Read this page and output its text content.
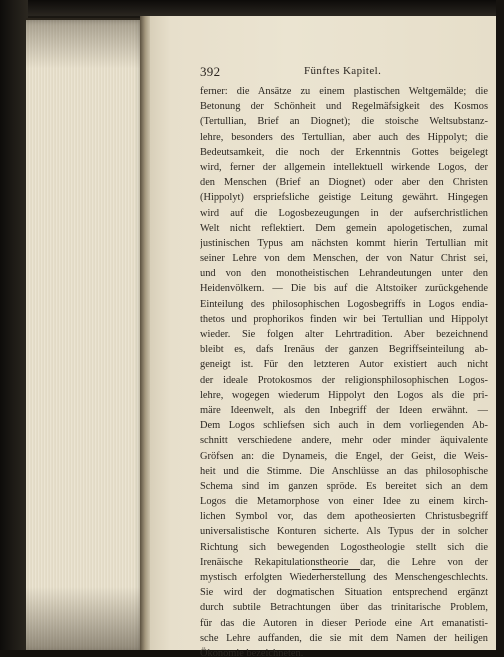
392	Fünftes Kapitel.
ferner: die Ansätze zu einem plastischen Weltgemälde; die
Betonung der Schönheit und Regelmäfsigkeit des Kosmos
(Tertullian, Brief an Diognet); die stoische Weltsubstanz-
lehre, besonders des Tertullian, aber auch des Hippolyt; die
Bedeutsamkeit, die noch der Erkenntnis Gottes beigelegt
wird, ferner der allgemein intellektuell wirkende Logos, der
den Menschen (Brief an Diognet) oder aber den Christen
(Hippolyt) erspriefsliche geistige Leitung gewährt. Hingegen
wird auf die Logosbezeugungen in der aufserchristlichen
Welt nicht reflektiert. Dem gemein apologetischen, zumal
justinischen Typus am nächsten kommt hierin Tertullian mit
seiner Lehre von dem Menschen, der von Natur Christ sei,
und von den monotheistischen Lehrandeutungen unter den
Heidenvölkern. — Die bis auf die Altstoiker zurückgehende
Einteilung des philosophischen Logosbegriffs in Logos endia-
thetos und prophorikos finden wir bei Tertullian und Hippolyt
wieder. Sie folgen alter Lehrtradition. Aber bezeichnend
bleibt es, dafs Irenäus der ganzen Begriffseinteilung ab-
geneigt ist. Für den letzteren Autor existiert auch nicht
der ideale Protokosmos der religionsphilosophischen Logos-
lehre, wogegen wiederum Hippolyt den Logos als die pri-
märe Ideenwelt, als den Inbegriff der Ideen erwähnt. —
Dem Logos schliefsen sich auch in dem vorliegenden Ab-
schnitt verschiedene andere, mehr oder minder äquivalente
Gröfsen an: die Dynameis, die Engel, der Geist, die Weis-
heit und die Stimme. Die Anschlüsse an das philosophische
Schema sind im ganzen spröde. Es bereitet sich an dem
Logos die Metamorphose von einer Idee zu einem kirch-
lichen Symbol vor, das dem apotheosierten Christusbegriff
universalistische Konturen sicherte. Als Typus der in solcher
Richtung sich bewegenden Logostheologie stellt sich die
Irenäische Rekapitulationstheorie dar, die Lehre von der
mystisch erfolgten Wiederherstellung des Menschengeschlechts.
Sie wird der dogmatischen Situation entsprechend ergänzt
durch subtile Betrachtungen über das trinitarische Problem,
für das die Autoren in dieser Periode eine Art emanatisti-
sche Lehre auffanden, die sie mit dem Namen der heiligen
Ökonomie bezeichneten.
